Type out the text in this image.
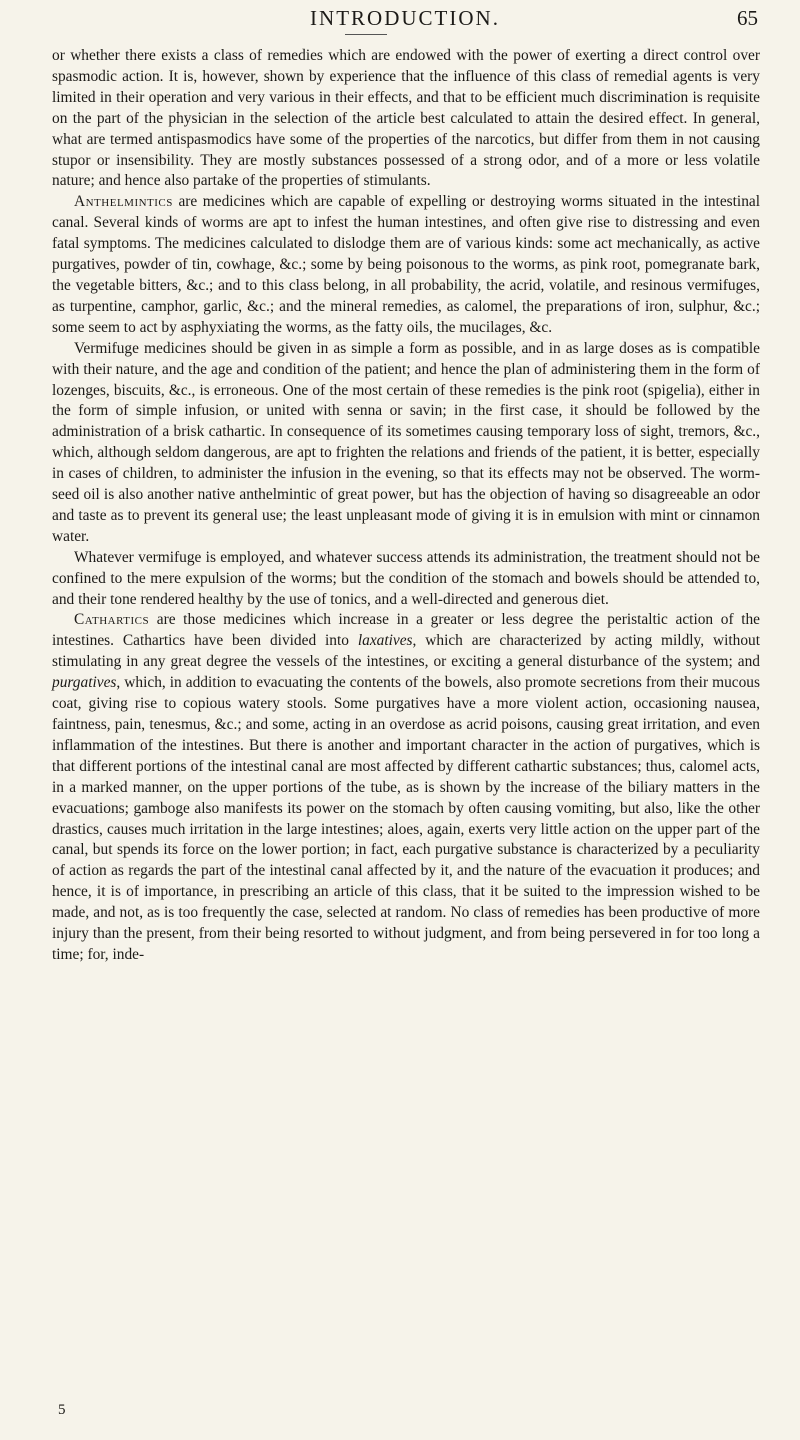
INTRODUCTION.	65

or whether there exists a class of remedies which are endowed with the power of exerting a direct control over spasmodic action. It is, however, shown by experience that the influence of this class of remedial agents is very limited in their operation and very various in their effects, and that to be efficient much discrimination is requisite on the part of the physician in the selection of the article best calculated to attain the desired effect. In general, what are termed antispasmodics have some of the properties of the narcotics, but differ from them in not causing stupor or insensibility. They are mostly substances possessed of a strong odor, and of a more or less volatile nature; and hence also partake of the properties of stimulants.

Anthelmintics are medicines which are capable of expelling or destroying worms situated in the intestinal canal. Several kinds of worms are apt to infest the human intestines, and often give rise to distressing and even fatal symptoms. The medicines calculated to dislodge them are of various kinds: some act mechanically, as active purgatives, powder of tin, cowhage, &c.; some by being poisonous to the worms, as pink root, pomegranate bark, the vegetable bitters, &c.; and to this class belong, in all probability, the acrid, volatile, and resinous vermifuges, as turpentine, camphor, garlic, &c.; and the mineral remedies, as calomel, the preparations of iron, sulphur, &c.; some seem to act by asphyxiating the worms, as the fatty oils, the mucilages, &c.

Vermifuge medicines should be given in as simple a form as possible, and in as large doses as is compatible with their nature, and the age and condition of the patient; and hence the plan of administering them in the form of lozenges, biscuits, &c., is erroneous. One of the most certain of these remedies is the pink root (spigelia), either in the form of simple infusion, or united with senna or savin; in the first case, it should be followed by the administration of a brisk cathartic. In consequence of its sometimes causing temporary loss of sight, tremors, &c., which, although seldom dangerous, are apt to frighten the relations and friends of the patient, it is better, especially in cases of children, to administer the infusion in the evening, so that its effects may not be observed. The worm-seed oil is also another native anthelmintic of great power, but has the objection of having so disagreeable an odor and taste as to prevent its general use; the least unpleasant mode of giving it is in emulsion with mint or cinnamon water.

Whatever vermifuge is employed, and whatever success attends its administration, the treatment should not be confined to the mere expulsion of the worms; but the condition of the stomach and bowels should be attended to, and their tone rendered healthy by the use of tonics, and a well-directed and generous diet.

Cathartics are those medicines which increase in a greater or less degree the peristaltic action of the intestines. Cathartics have been divided into laxatives, which are characterized by acting mildly, without stimulating in any great degree the vessels of the intestines, or exciting a general disturbance of the system; and purgatives, which, in addition to evacuating the contents of the bowels, also promote secretions from their mucous coat, giving rise to copious watery stools. Some purgatives have a more violent action, occasioning nausea, faintness, pain, tenesmus, &c.; and some, acting in an overdose as acrid poisons, causing great irritation, and even inflammation of the intestines. But there is another and important character in the action of purgatives, which is that different portions of the intestinal canal are most affected by different cathartic substances; thus, calomel acts, in a marked manner, on the upper portions of the tube, as is shown by the increase of the biliary matters in the evacuations; gamboge also manifests its power on the stomach by often causing vomiting, but also, like the other drastics, causes much irritation in the large intestines; aloes, again, exerts very little action on the upper part of the canal, but spends its force on the lower portion; in fact, each purgative substance is characterized by a peculiarity of action as regards the part of the intestinal canal affected by it, and the nature of the evacuation it produces; and hence, it is of importance, in prescribing an article of this class, that it be suited to the impression wished to be made, and not, as is too frequently the case, selected at random. No class of remedies has been productive of more injury than the present, from their being resorted to without judgment, and from being persevered in for too long a time; for, inde-

5
